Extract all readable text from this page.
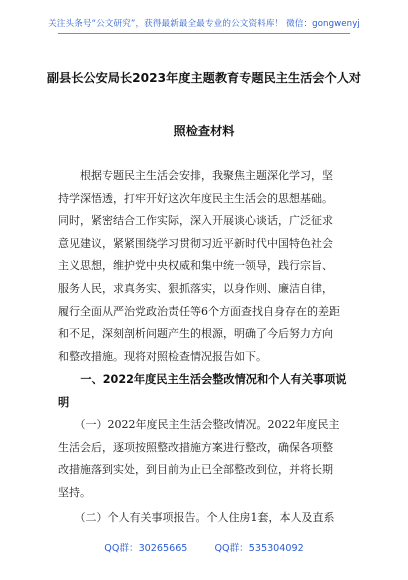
关注头条号“公文研究”，获得最新最全最专业的公文资料库！ 微信：gongwenyj
副县长公安局长2023年度主题教育专题民主生活会个人对
照检查材料
　　根据专题民主生活会安排，我聚焦主题深化学习，坚
持学深悟透，打牢开好这次年度民主生活会的思想基础。
同时，紧密结合工作实际，深入开展谈心谈话，广泛征求
意见建议，紧紧围绕学习贯彻习近平新时代中国特色社会
主义思想，维护党中央权威和集中统一领导，践行宗旨、
服务人民，求真务实、狠抓落实，以身作则、廉洁自律，
履行全面从严治党政治责任等6个方面查找自身存在的差距
和不足，深刻剖析问题产生的根源，明确了今后努力方向
和整改措施。现将对照检查情况报告如下。
　　一、2022年度民主生活会整改情况和个人有关事项说
明
　　（一）2022年度民主生活会整改情况。2022年度民主
生活会后，逐项按照整改措施方案进行整改，确保各项整
改措施落到实处，到目前为止已全部整改到位，并将长期
坚持。
　　（二）个人有关事项报告。个人住房1套，本人及直系
QQ群：30265665	QQ群：535304092
